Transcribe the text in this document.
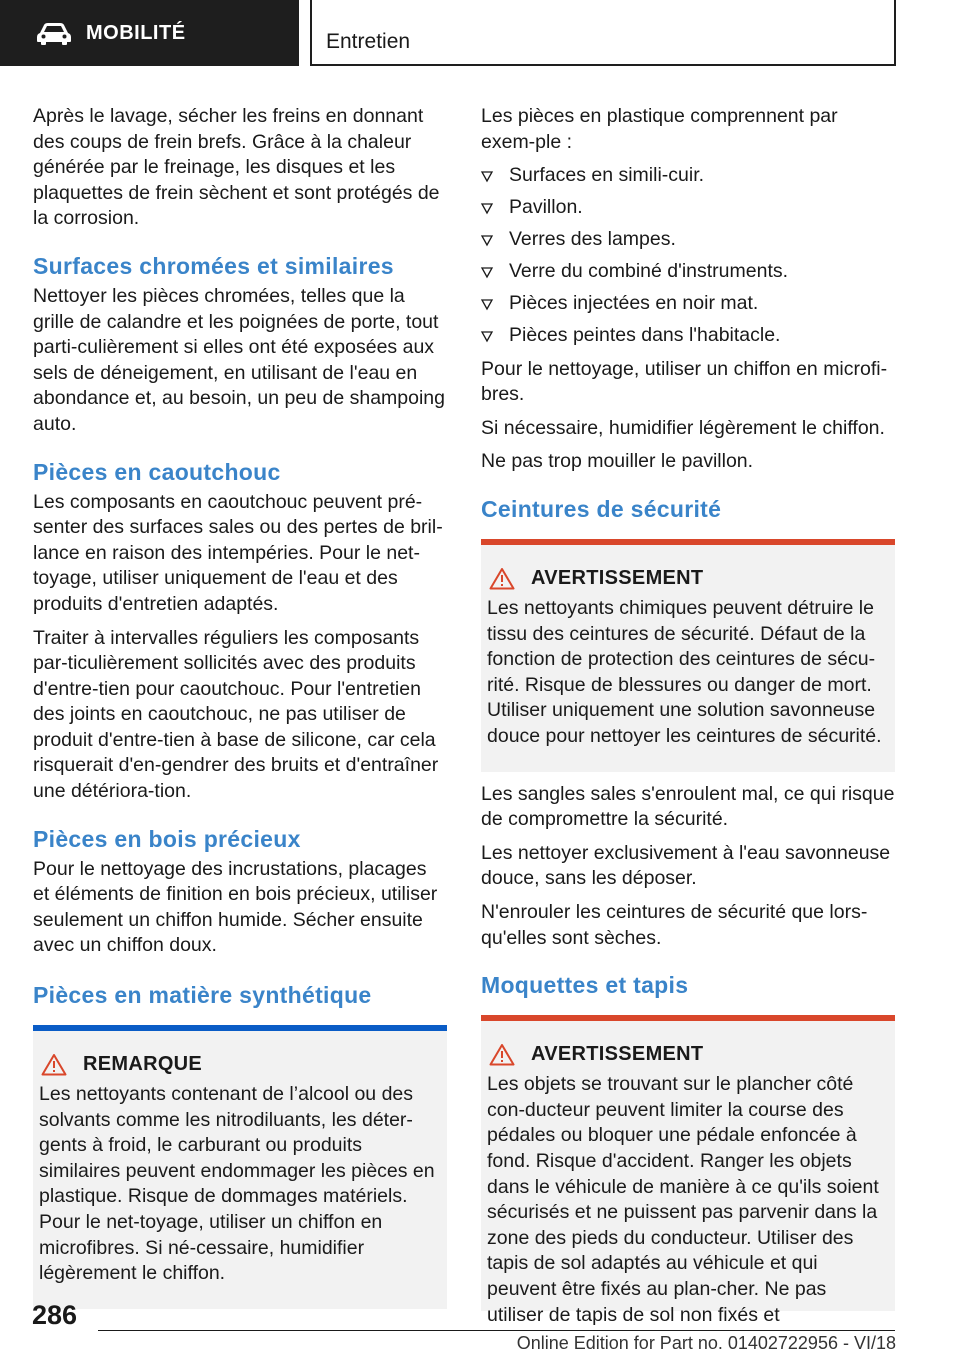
MOBILITÉ	Entretien

Après le lavage, sécher les freins en donnant des coups de frein brefs. Grâce à la chaleur générée par le freinage, les disques et les plaquettes de frein sèchent et sont protégés de la corrosion.

Surfaces chromées et similaires

Nettoyer les pièces chromées, telles que la grille de calandre et les poignées de porte, tout parti-culièrement si elles ont été exposées aux sels de déneigement, en utilisant de l'eau en abondance et, au besoin, un peu de shampoing auto.

Pièces en caoutchouc

Les composants en caoutchouc peuvent pré-senter des surfaces sales ou des pertes de bril-lance en raison des intempéries. Pour le net-toyage, utiliser uniquement de l'eau et des produits d'entretien adaptés.

Traiter à intervalles réguliers les composants par-ticulièrement sollicités avec des produits d'entre-tien pour caoutchouc. Pour l'entretien des joints en caoutchouc, ne pas utiliser de produit d'entre-tien à base de silicone, car cela risquerait d'en-gendrer des bruits et d'entraîner une détériora-tion.

Pièces en bois précieux

Pour le nettoyage des incrustations, placages et éléments de finition en bois précieux, utiliser seulement un chiffon humide. Sécher ensuite avec un chiffon doux.

Pièces en matière synthétique
REMARQUE

Les nettoyants contenant de l’alcool ou des solvants comme les nitrodiluants, les déter-gents à froid, le carburant ou produits similaires peuvent endommager les pièces en plastique. Risque de dommages matériels. Pour le net-toyage, utiliser un chiffon en microfibres. Si né-cessaire, humidifier légèrement le chiffon.

Les pièces en plastique comprennent par exem-ple :

Surfaces en simili-cuir.
Pavillon.
Verres des lampes.
Verre du combiné d'instruments.
Pièces injectées en noir mat.
Pièces peintes dans l'habitacle.

Pour le nettoyage, utiliser un chiffon en microfi-bres.

Si nécessaire, humidifier légèrement le chiffon.

Ne pas trop mouiller le pavillon.

Ceintures de sécurité
AVERTISSEMENT

Les nettoyants chimiques peuvent détruire le tissu des ceintures de sécurité. Défaut de la fonction de protection des ceintures de sécu-rité. Risque de blessures ou danger de mort. Utiliser uniquement une solution savonneuse douce pour nettoyer les ceintures de sécurité.

Les sangles sales s'enroulent mal, ce qui risque de compromettre la sécurité.

Les nettoyer exclusivement à l'eau savonneuse douce, sans les déposer.

N'enrouler les ceintures de sécurité que lors-qu'elles sont sèches.

Moquettes et tapis
AVERTISSEMENT

Les objets se trouvant sur le plancher côté con-ducteur peuvent limiter la course des pédales ou bloquer une pédale enfoncée à fond. Risque d'accident. Ranger les objets dans le véhicule de manière à ce qu'ils soient sécurisés et ne puissent pas parvenir dans la zone des pieds du conducteur. Utiliser des tapis de sol adaptés au véhicule et qui peuvent être fixés au plan-cher. Ne pas utiliser de tapis de sol non fixés et

286
Online Edition for Part no. 01402722956 - VI/18
